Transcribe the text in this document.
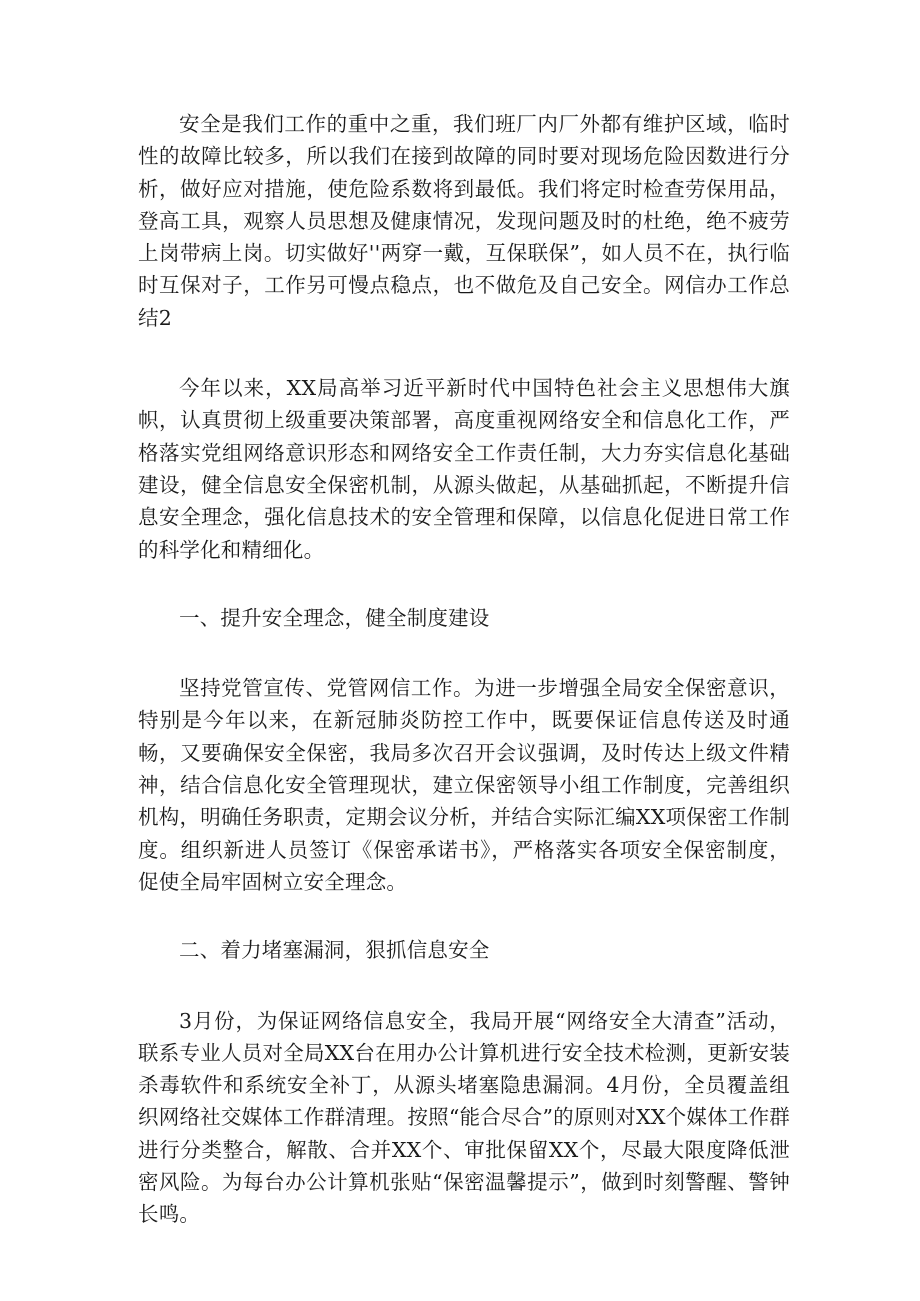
安全是我们工作的重中之重，我们班厂内厂外都有维护区域，临时性的故障比较多，所以我们在接到故障的同时要对现场危险因数进行分析，做好应对措施，使危险系数将到最低。我们将定时检查劳保用品，登高工具，观察人员思想及健康情况，发现问题及时的杜绝，绝不疲劳上岗带病上岗。切实做好''两穿一戴，互保联保”，如人员不在，执行临时互保对子，工作另可慢点稳点，也不做危及自己安全。网信办工作总结2

今年以来，XX局高举习近平新时代中国特色社会主义思想伟大旗帜，认真贯彻上级重要决策部署，高度重视网络安全和信息化工作，严格落实党组网络意识形态和网络安全工作责任制，大力夯实信息化基础建设，健全信息安全保密机制，从源头做起，从基础抓起，不断提升信息安全理念，强化信息技术的安全管理和保障，以信息化促进日常工作的科学化和精细化。

一、提升安全理念，健全制度建设

坚持党管宣传、党管网信工作。为进一步增强全局安全保密意识，特别是今年以来，在新冠肺炎防控工作中，既要保证信息传送及时通畅，又要确保安全保密，我局多次召开会议强调，及时传达上级文件精神，结合信息化安全管理现状，建立保密领导小组工作制度，完善组织机构，明确任务职责，定期会议分析，并结合实际汇编XX项保密工作制度。组织新进人员签订《保密承诺书》，严格落实各项安全保密制度，促使全局牢固树立安全理念。

二、着力堵塞漏洞，狠抓信息安全

3月份，为保证网络信息安全，我局开展“网络安全大清查”活动，联系专业人员对全局XX台在用办公计算机进行安全技术检测，更新安装杀毒软件和系统安全补丁，从源头堵塞隐患漏洞。4月份，全员覆盖组织网络社交媒体工作群清理。按照“能合尽合”的原则对XX个媒体工作群进行分类整合，解散、合并XX个、审批保留XX个，尽最大限度降低泄密风险。为每台办公计算机张贴“保密温馨提示”，做到时刻警醒、警钟长鸣。
